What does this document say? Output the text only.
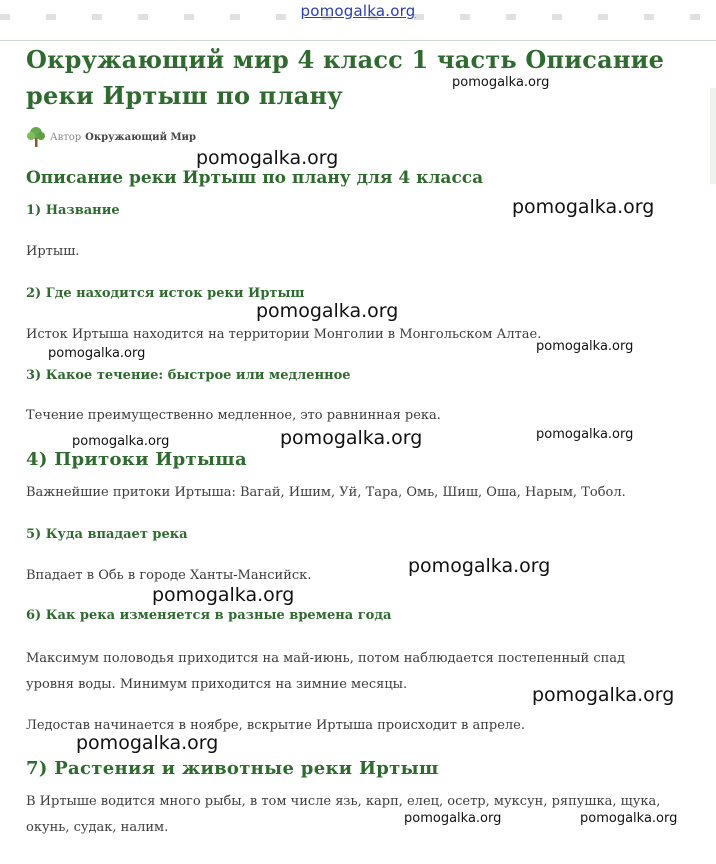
pomogalka.org
Окружающий мир 4 класс 1 часть Описание реки Иртыш по плану
Автор Окружающий Мир
Описание реки Иртыш по плану для 4 класса
1) Название
Иртыш.
2) Где находится исток реки Иртыш
Исток Иртыша находится на территории Монголии в Монгольском Алтае.
3) Какое течение: быстрое или медленное
Течение преимущественно медленное, это равнинная река.
4) Притоки Иртыша
Важнейшие притоки Иртыша: Вагай, Ишим, Уй, Тара, Омь, Шиш, Оша, Нарым, Тобол.
5) Куда впадает река
Впадает в Обь в городе Ханты-Мансийск.
6) Как река изменяется в разные времена года
Максимум половодья приходится на май-июнь, потом наблюдается постепенный спад уровня воды. Минимум приходится на зимние месяцы.
Ледостав начинается в ноябре, вскрытие Иртыша происходит в апреле.
7) Растения и животные реки Иртыш
В Иртыше водится много рыбы, в том числе язь, карп, елец, осетр, муксун, ряпушка, щука, окунь, судак, налим.
pomogalka.org
pomogalka.org
pomogalka.org
pomogalka.org
pomogalka.org
pomogalka.org
pomogalka.org	pomogalka.org	pomogalka.org
pomogalka.org
pomogalka.org
pomogalka.org
pomogalka.org
pomogalka.org	pomogalka.org
